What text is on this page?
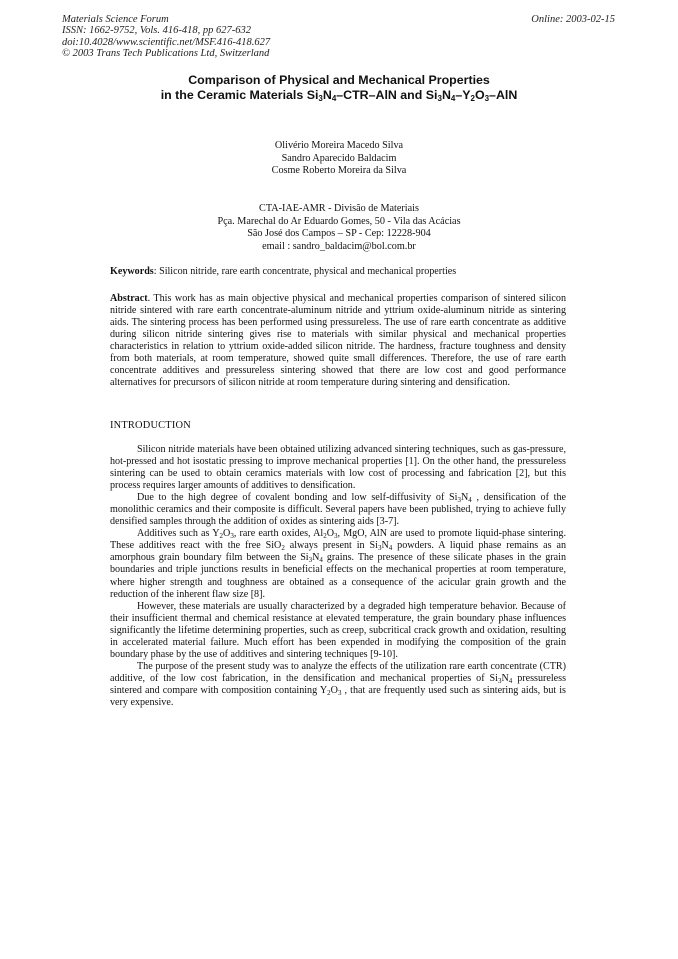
Materials Science Forum
ISSN: 1662-9752, Vols. 416-418, pp 627-632
doi:10.4028/www.scientific.net/MSF.416-418.627
© 2003 Trans Tech Publications Ltd, Switzerland
Online: 2003-02-15
Comparison of Physical and Mechanical Properties
in the Ceramic Materials $Si_3N_4-CTR$–AlN and $Si_3N_4-Y_2O_3$–AlN
Olivério Moreira Macedo Silva
Sandro Aparecido Baldacim
Cosme Roberto Moreira da Silva
CTA-IAE-AMR - Divisão de Materiais
Pça. Marechal do Ar Eduardo Gomes, 50 - Vila das Acácias
São José dos Campos – SP - Cep: 12228-904
email : sandro_baldacim@bol.com.br
Keywords: Silicon nitride, rare earth concentrate, physical and mechanical properties
Abstract. This work has as main objective physical and mechanical properties comparison of sintered silicon nitride sintered with rare earth concentrate-aluminum nitride and yttrium oxide-aluminum nitride as sintering aids. The sintering process has been performed using pressureless. The use of rare earth concentrate as additive during silicon nitride sintering gives rise to materials with similar physical and mechanical properties characteristics in relation to yttrium oxide-added silicon nitride. The hardness, fracture toughness and density from both materials, at room temperature, showed quite small differences. Therefore, the use of rare earth concentrate additives and pressureless sintering showed that there are low cost and good performance alternatives for precursors of silicon nitride at room temperature during sintering and densification.
INTRODUCTION

Silicon nitride materials have been obtained utilizing advanced sintering techniques, such as gas-pressure, hot-pressed and hot isostatic pressing to improve mechanical properties [1]. On the other hand, the pressureless sintering can be used to obtain ceramics materials with low cost of processing and fabrication [2], but this process requires larger amounts of additives to densification.

Due to the high degree of covalent bonding and low self-diffusivity of $Si_3N_4$ , densification of the monolithic ceramics and their composite is difficult. Several papers have been published, trying to achieve fully densified samples through the addition of oxides as sintering aids [3-7].

Additives such as $Y_2O_3$, rare earth oxides, $Al_2O_3$, MgO, AlN are used to promote liquid-phase sintering. These additives react with the free SiO$_2$ always present in $Si_3N_4$ powders. A liquid phase remains as an amorphous grain boundary film between the $Si_3N_4$ grains. The presence of these silicate phases in the grain boundaries and triple junctions results in beneficial effects on the mechanical properties at room temperature, where higher strength and toughness are obtained as a consequence of the acicular grain growth and the reduction of the inherent flaw size [8].

However, these materials are usually characterized by a degraded high temperature behavior. Because of their insufficient thermal and chemical resistance at elevated temperature, the grain boundary phase influences significantly the lifetime determining properties, such as creep, subcritical crack growth and oxidation, resulting in accelerated material failure. Much effort has been expended in modifying the composition of the grain boundary phase by the use of additives and sintering techniques [9-10].

The purpose of the present study was to analyze the effects of the utilization rare earth concentrate (CTR) additive, of the low cost fabrication, in the densification and mechanical properties of $Si_3N_4$ pressureless sintered and compare with composition containing $Y_2O_3$ , that are frequently used such as sintering aids, but is very expensive.
